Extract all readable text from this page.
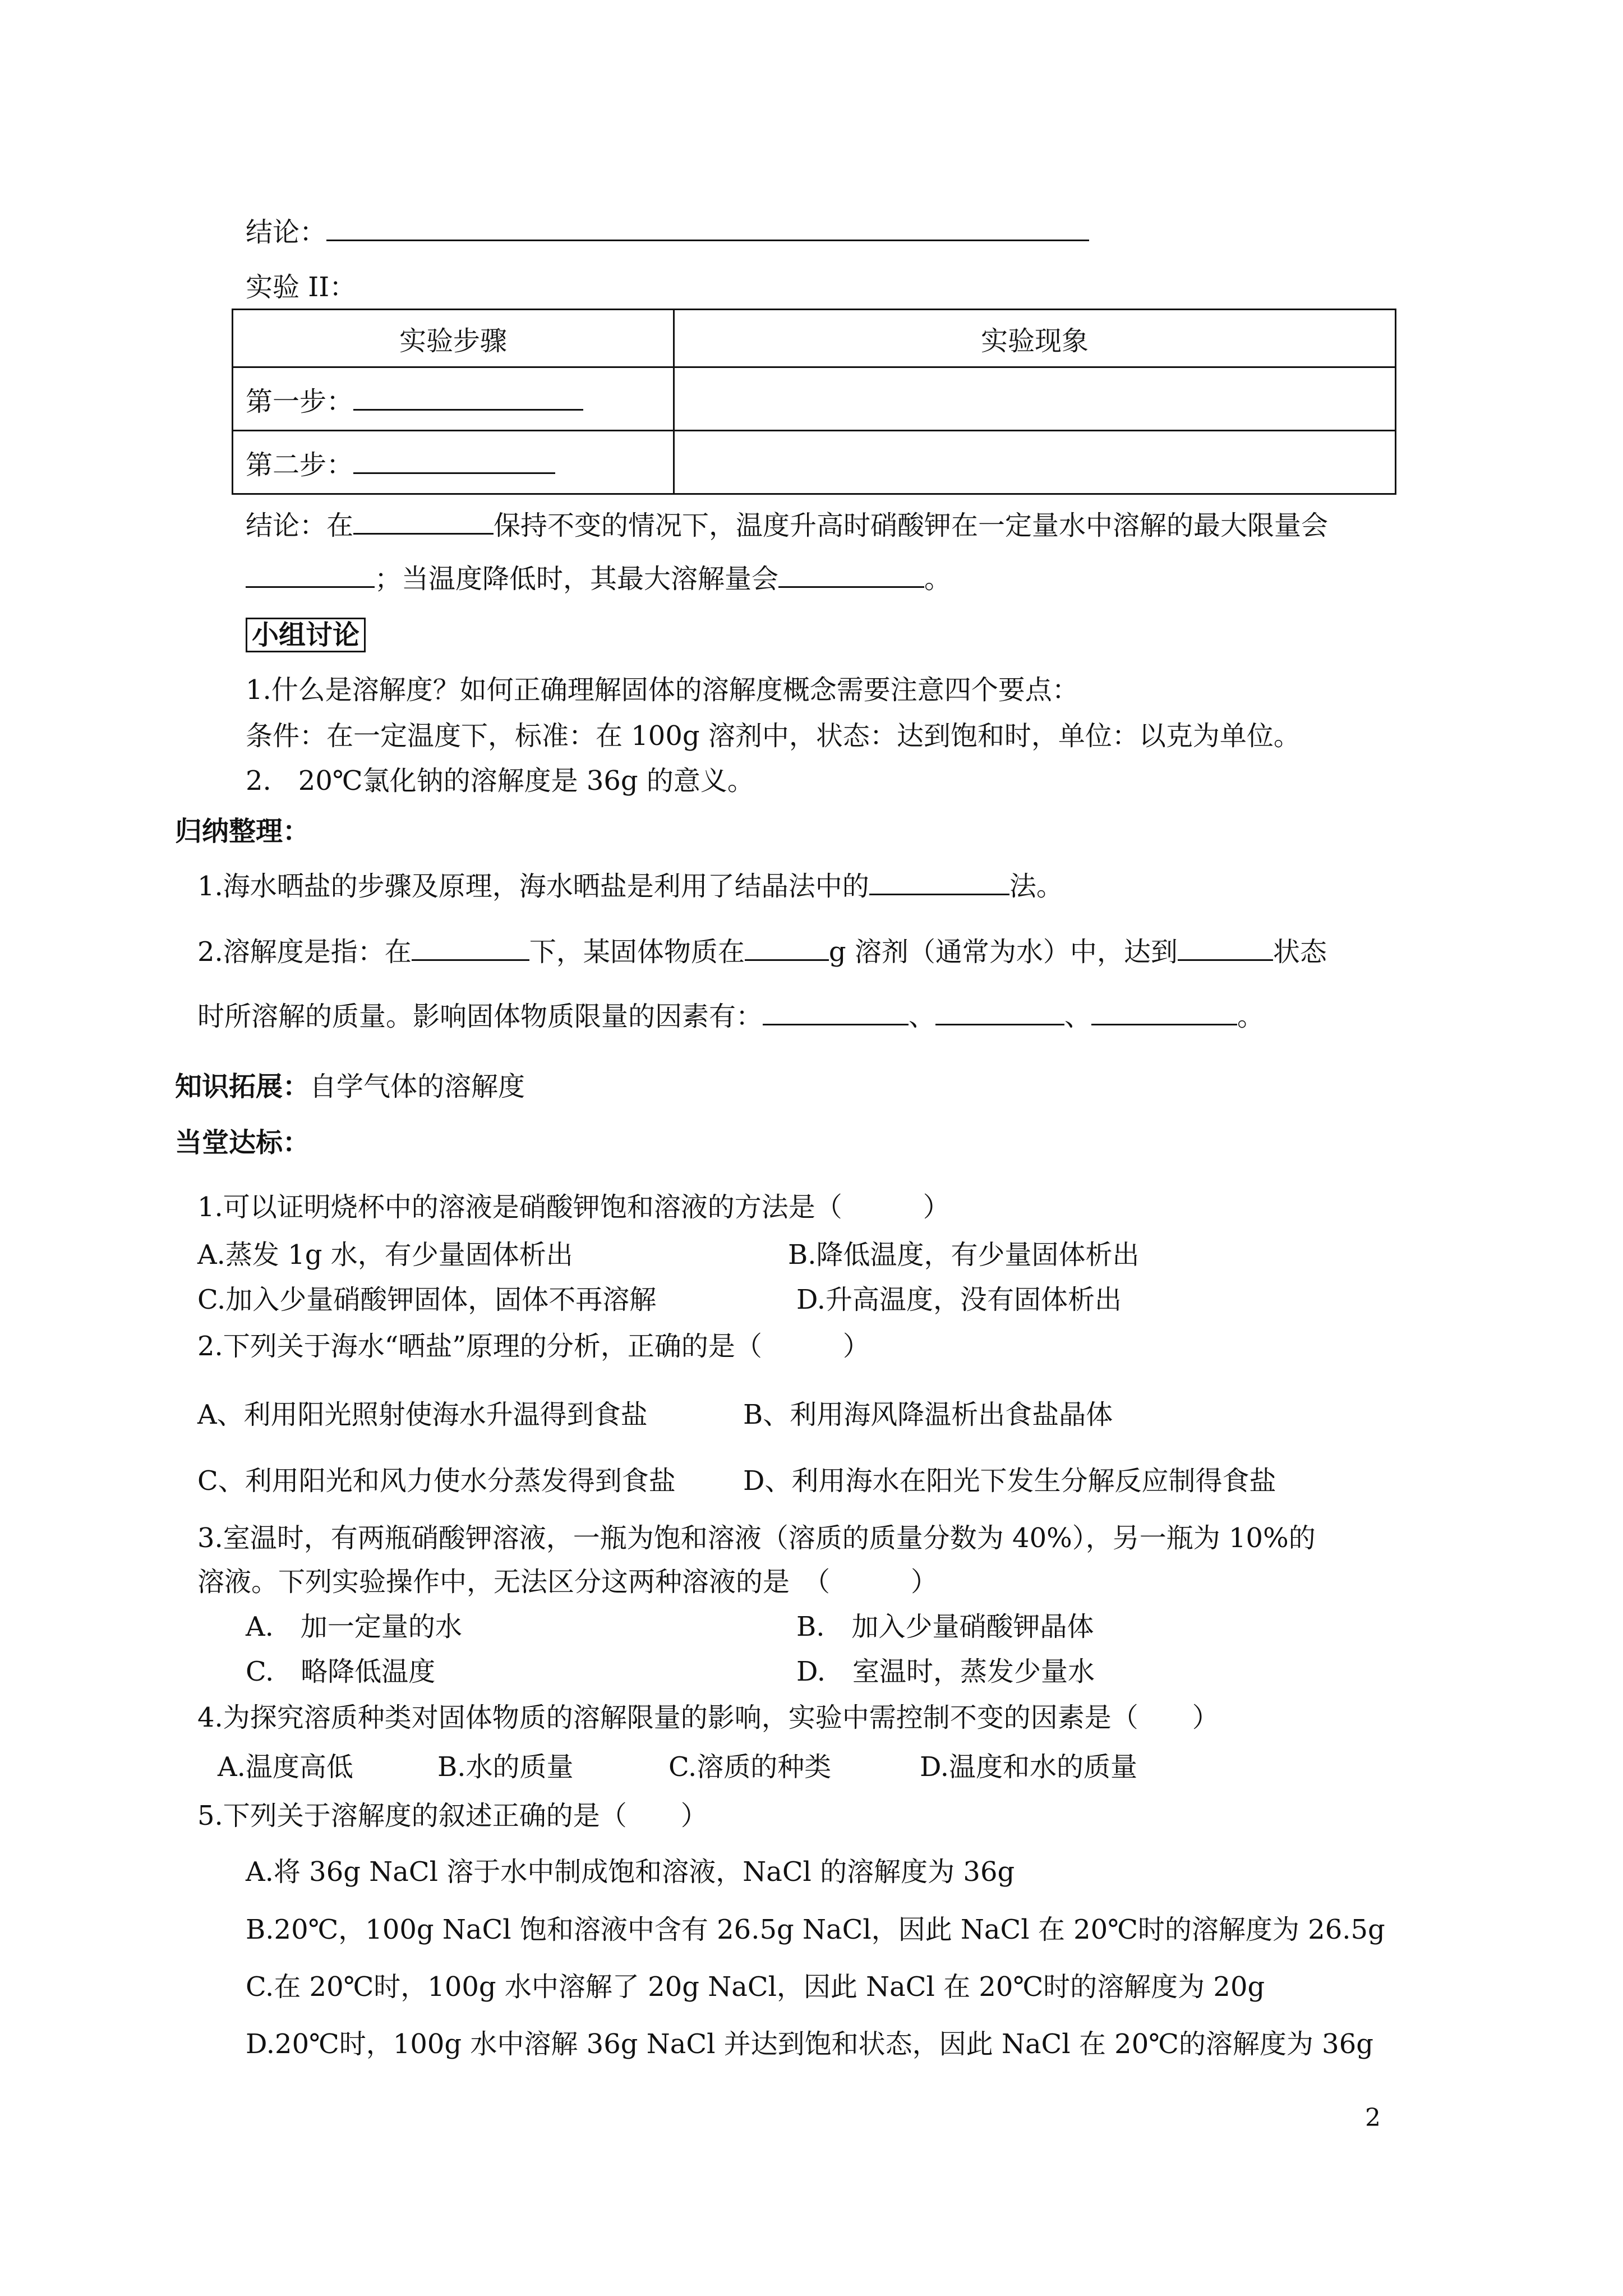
结论：
实验 II：
实验步骤	实验现象
第一步：	
第二步：	
结论：在	保持不变的情况下，温度升高时硝酸钾在一定量水中溶解的最大限量会
；当温度降低时，其最大溶解量会	。
小组讨论
1.什么是溶解度？如何正确理解固体的溶解度概念需要注意四个要点：
条件：在一定温度下，标准：在 100g 溶剂中，状态：达到饱和时，单位：以克为单位。
2.　20℃氯化钠的溶解度是 36g 的意义。
归纳整理：
1.海水晒盐的步骤及原理，海水晒盐是利用了结晶法中的	法。
2.溶解度是指：在	下，某固体物质在	g 溶剂（通常为水）中，达到	状态
时所溶解的质量。影响固体物质限量的因素有：	、	、	。
知识拓展：自学气体的溶解度
当堂达标：
1.可以证明烧杯中的溶液是硝酸钾饱和溶液的方法是（　　　）
A.蒸发 1g 水，有少量固体析出	B.降低温度，有少量固体析出
C.加入少量硝酸钾固体，固体不再溶解	D.升高温度，没有固体析出
2.下列关于海水“晒盐”原理的分析，正确的是（　　　）
A、利用阳光照射使海水升温得到食盐	B、利用海风降温析出食盐晶体
C、利用阳光和风力使水分蒸发得到食盐	D、利用海水在阳光下发生分解反应制得食盐
3.室温时，有两瓶硝酸钾溶液，一瓶为饱和溶液（溶质的质量分数为 40%），另一瓶为 10%的
溶液。下列实验操作中，无法区分这两种溶液的是　（　　　）
A.　加一定量的水	B.　加入少量硝酸钾晶体
C.　略降低温度	D.　室温时，蒸发少量水
4.为探究溶质种类对固体物质的溶解限量的影响，实验中需控制不变的因素是（　　）
A.温度高低	B.水的质量	C.溶质的种类	D.温度和水的质量
5.下列关于溶解度的叙述正确的是（　　）
A.将 36g NaCl 溶于水中制成饱和溶液，NaCl 的溶解度为 36g
B.20℃，100g NaCl 饱和溶液中含有 26.5g NaCl，因此 NaCl 在 20℃时的溶解度为 26.5g
C.在 20℃时，100g 水中溶解了 20g NaCl，因此 NaCl 在 20℃时的溶解度为 20g
D.20℃时，100g 水中溶解 36g NaCl 并达到饱和状态，因此 NaCl 在 20℃的溶解度为 36g
2
